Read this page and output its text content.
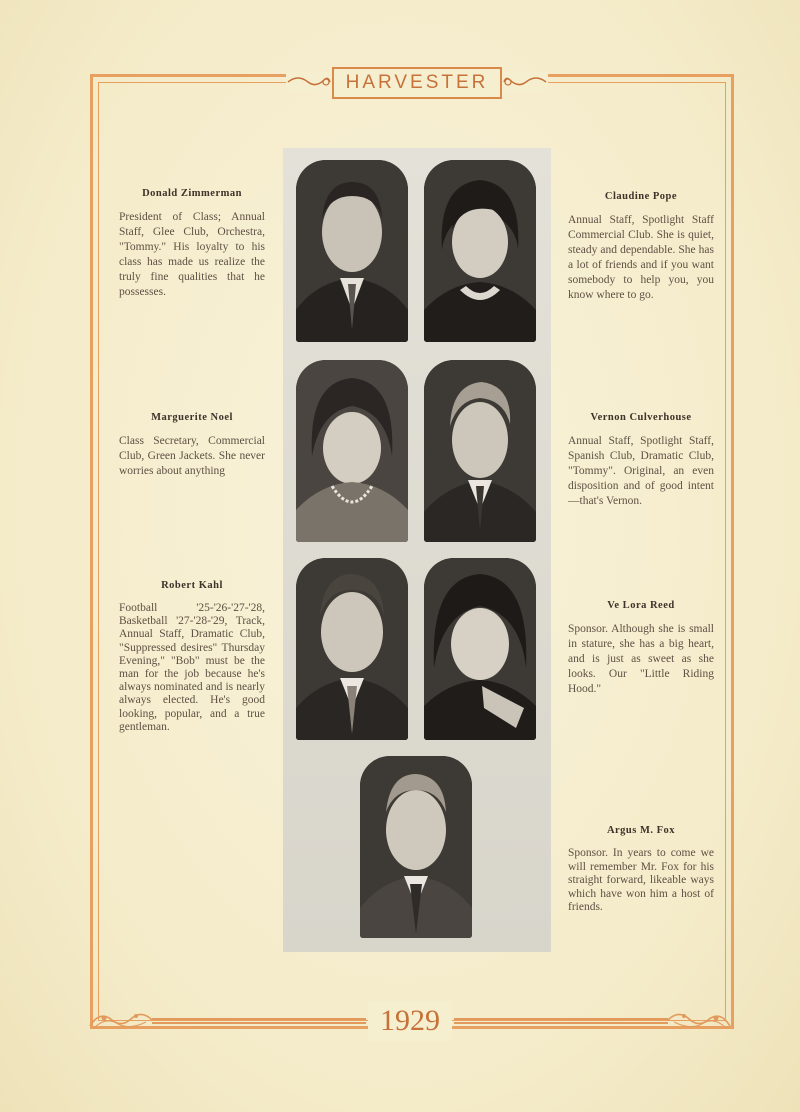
HARVESTER
1929
Donald Zimmerman
President of Class; Annual Staff, Glee Club, Orchestra, "Tommy." His loyalty to his class has made us realize the truly fine qualities that he possesses.
Marguerite Noel
Class Secretary, Commercial Club, Green Jackets. She never worries about anything
Robert Kahl
Football '25-'26-'27-'28, Basketball '27-'28-'29, Track, Annual Staff, Dramatic Club, "Suppressed desires" Thursday Evening," "Bob" must be the man for the job because he's always nominated and is nearly always elected. He's good looking, popular, and a true gentleman.
Claudine Pope
Annual Staff, Spotlight Staff Commercial Club. She is quiet, steady and dependable. She has a lot of friends and if you want somebody to help you, you know where to go.
Vernon Culverhouse
Annual Staff, Spotlight Staff, Spanish Club, Dramatic Club, "Tommy". Original, an even disposition and of good intent—that's Vernon.
Ve Lora Reed
Sponsor. Although she is small in stature, she has a big heart, and is just as sweet as she looks. Our "Little Riding Hood."
Argus M. Fox
Sponsor. In years to come we will remember Mr. Fox for his straight forward, likeable ways which have won him a host of friends.
